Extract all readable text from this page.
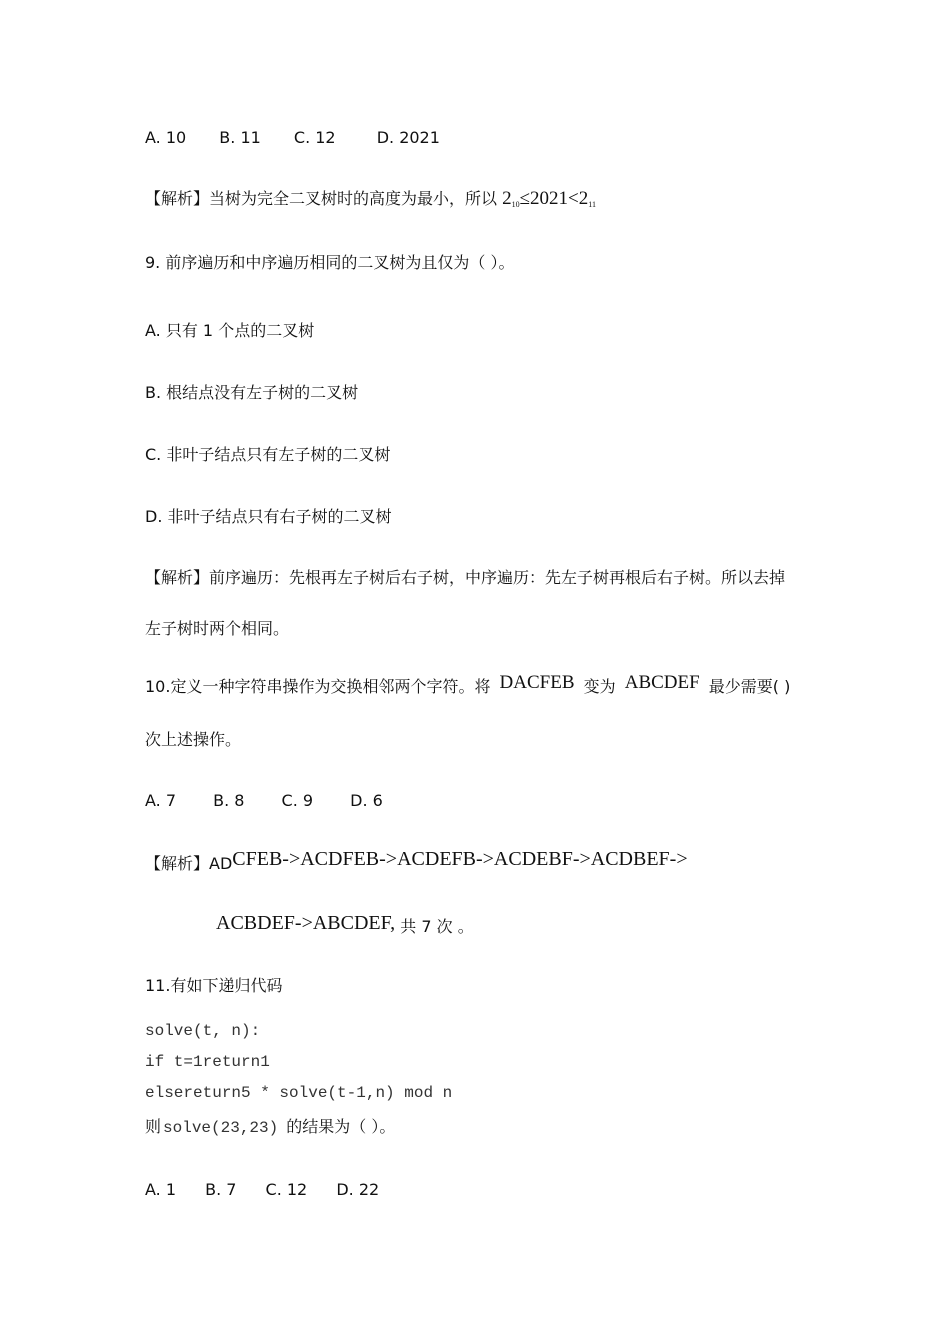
A. 10 B. 11 C. 12	D. 2021
【解析】当树为完全二叉树时的高度为最小，所以 $2_{10}\le 2021<2_{11}$
9. 前序遍历和中序遍历相同的二叉树为且仅为（ ）。
A. 只有 1 个点的二叉树
B. 根结点没有左子树的二叉树
C. 非叶子结点只有左子树的二叉树
D. 非叶子结点只有右子树的二叉树
【解析】前序遍历：先根再左子树后右子树，中序遍历：先左子树再根后右子树。所以去掉
左子树时两个相同。
10.定义一种字符串操作为交换相邻两个字符。将 DACFEB 变为 ABCDEF 最少需要( )
次上述操作。
A. 7 B. 8 C. 9 D. 6
【解析】ADCFEB->ACDFEB->ACDEFB->ACDEBF->ACDBEF->
ACBDEF->ABCDEF, 共 7 次 。
11.有如下递归代码
solve(t, n):
if t=1return1
elsereturn5 * solve(t-1,n) mod n
则 solve(23,23) 的结果为（ ）。
A. 1 B. 7 C. 12 D. 22
